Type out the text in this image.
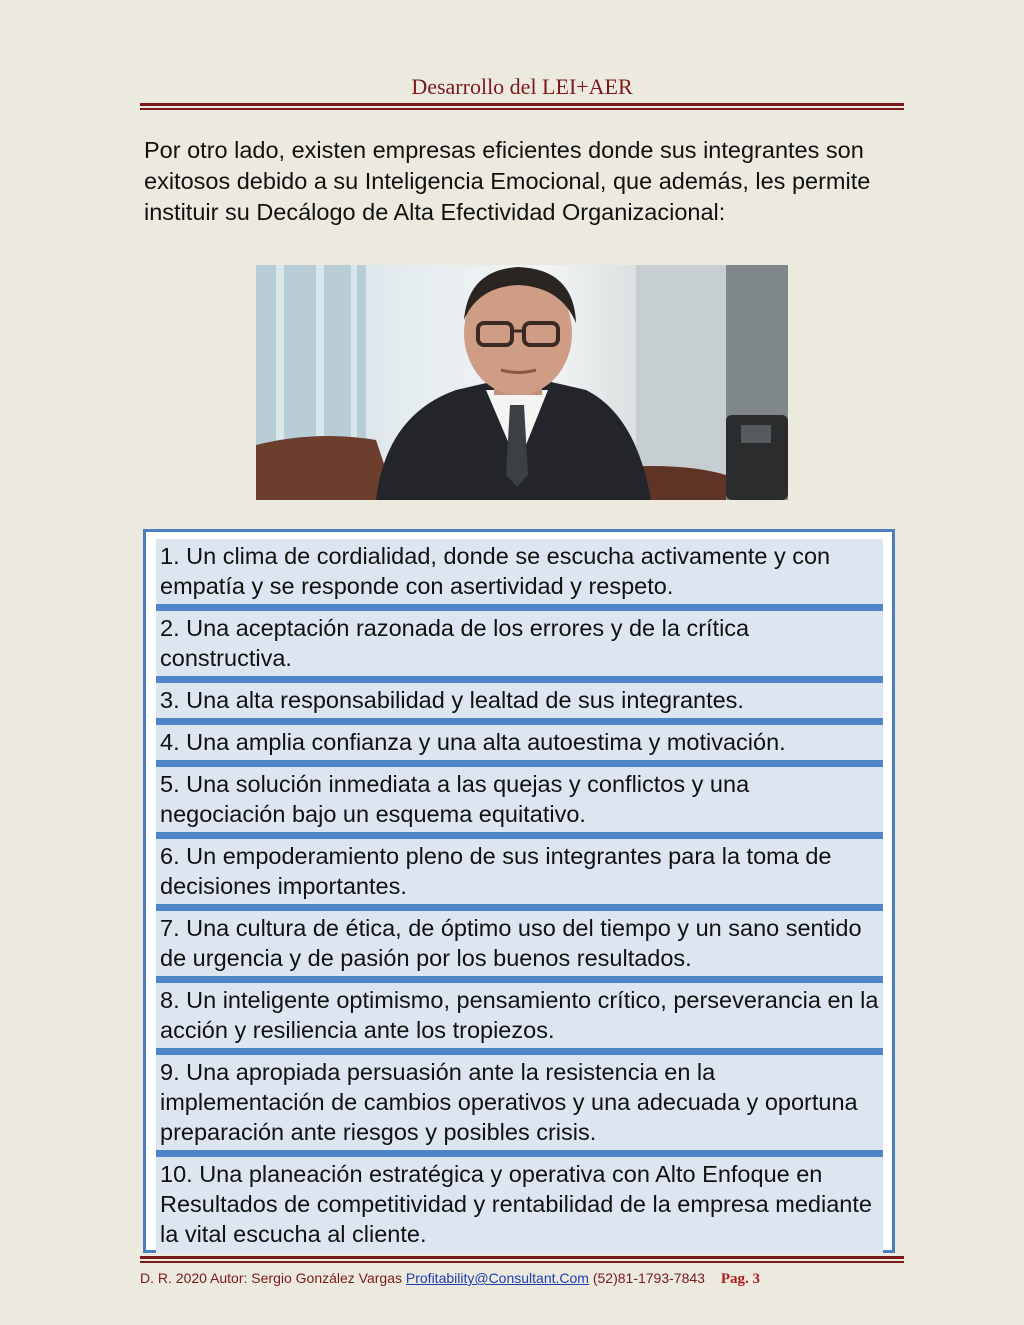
Desarrollo del LEI+AER
Por otro lado, existen empresas eficientes donde sus integrantes son exitosos debido a su Inteligencia Emocional, que además, les permite instituir su Decálogo de Alta Efectividad Organizacional:
1. Un clima de cordialidad, donde se escucha activamente y con empatía y se responde con asertividad y respeto.
2. Una aceptación razonada de los errores y de la crítica constructiva.
3. Una alta responsabilidad y lealtad de sus integrantes.
4. Una amplia confianza y una alta autoestima y motivación.
5. Una solución inmediata a las quejas y conflictos y una negociación bajo un esquema equitativo.
6. Un empoderamiento pleno de sus integrantes para la toma de decisiones importantes.
7. Una cultura de ética, de óptimo uso del tiempo y un sano sentido de urgencia y de pasión por los buenos resultados.
8. Un inteligente optimismo, pensamiento crítico, perseverancia en la acción y resiliencia ante los tropiezos.
9. Una apropiada persuasión ante la resistencia en la implementación de cambios operativos y una adecuada y oportuna preparación ante riesgos y posibles crisis.
10. Una planeación estratégica y operativa con Alto Enfoque en Resultados de competitividad y rentabilidad de la empresa mediante la vital escucha al cliente.
D. R. 2020 Autor: Sergio González Vargas Profitability@Consultant.Com (52)81-1793-7843 Pag. 3
